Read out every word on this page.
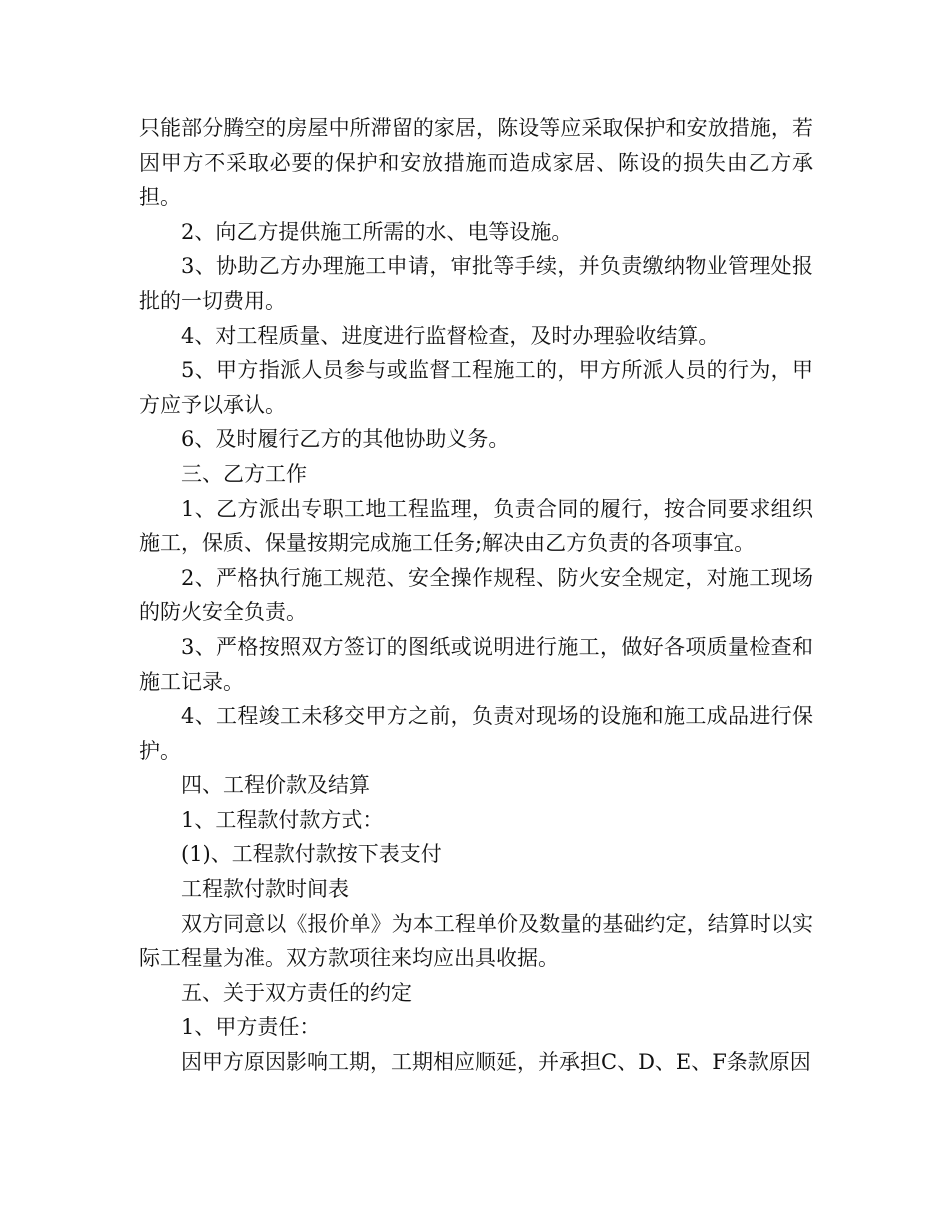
只能部分腾空的房屋中所滞留的家居，陈设等应采取保护和安放措施，若因甲方不采取必要的保护和安放措施而造成家居、陈设的损失由乙方承担。

2、向乙方提供施工所需的水、电等设施。

3、协助乙方办理施工申请，审批等手续，并负责缴纳物业管理处报批的一切费用。

4、对工程质量、进度进行监督检查，及时办理验收结算。

5、甲方指派人员参与或监督工程施工的，甲方所派人员的行为，甲方应予以承认。

6、及时履行乙方的其他协助义务。

三、乙方工作

1、乙方派出专职工地工程监理，负责合同的履行，按合同要求组织施工，保质、保量按期完成施工任务;解决由乙方负责的各项事宜。

2、严格执行施工规范、安全操作规程、防火安全规定，对施工现场的防火安全负责。

3、严格按照双方签订的图纸或说明进行施工，做好各项质量检查和施工记录。

4、工程竣工未移交甲方之前，负责对现场的设施和施工成品进行保护。

四、工程价款及结算

1、工程款付款方式：

(1)、工程款付款按下表支付

工程款付款时间表

双方同意以《报价单》为本工程单价及数量的基础约定，结算时以实际工程量为准。双方款项往来均应出具收据。

五、关于双方责任的约定

1、甲方责任：

因甲方原因影响工期，工期相应顺延，并承担C、D、E、F条款原因
